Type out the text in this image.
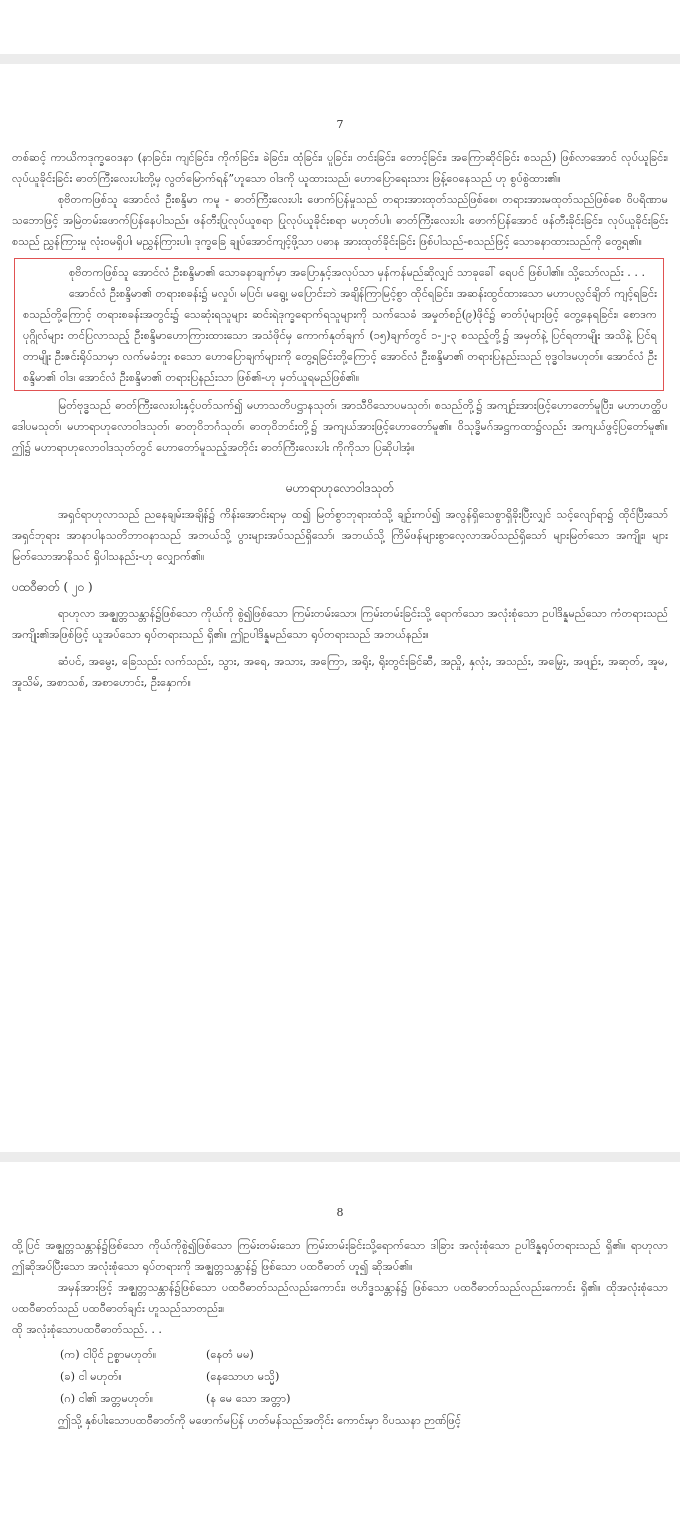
7

တစ်ဆင့် ကာယိကဒုက္ခဝေဒနာ (နာခြင်း၊ ကျင်ခြင်း၊ ကိုက်ခြင်း၊ ခဲခြင်း၊ ထုံခြင်း၊ ပူခြင်း၊ တင်းခြင်း၊ တောင့်ခြင်း၊ အကြောဆိုင်ခြင်း စသည်) ဖြစ်လာအောင် လုပ်ယူခြင်း၊ လုပ်ယူခိုင်းခြင်း ဓာတ်ကြီးလေးပါးတို့မှ လွတ်မြောက်ရန်”ဟူသော ဝါဒကို ယူထားသည်၊ ဟောပြောရေးသား ဖြန့်ဝေနေသည် ဟု စွပ်စွဲထား၏။

စုဗိတကဖြစ်သူ အောင်လံ ဦးစန္ဒိမာ ကမူ - ဓာတ်ကြီးလေးပါး ဖောက်ပြန်မှုသည် တရားအားထုတ်သည်ဖြစ်စေ၊ တရားအားမထုတ်သည်ဖြစ်စေ ဝိပရိဏာမသဘောဖြင့် အမြဲတမ်းဖောက်ပြန်နေပါသည်။ ဖန်တီးပြုလုပ်ယူစရာ ပြုလုပ်ယူခိုင်းစရာ မဟုတ်ပါ။ ဓာတ်ကြီးလေးပါး ဖောက်ပြန်အောင် ဖန်တီးခိုင်းခြင်း၊ လုပ်ယူခိုင်းခြင်း စသည် ညွှန်ကြားမှု လုံးဝမရှိပါ၊ မညွှန်ကြားပါ။ ဒုက္ခခြေ ချုပ်အောင်ကျင့်ဖို့သာ ပဓာန အားထုတ်ခိုင်းခြင်း ဖြစ်ပါသည်-စသည်ဖြင့် သောခနာထားသည်ကို တွေ့ရ၏။

စုဗိတကဖြစ်သူ အောင်လံ ဦးစန္ဒိမာ၏ သောခနာချက်မှာ အပြောနှင့်အလုပ်သာ မှန်ကန်မည်ဆိုလျှင် သာခုခေါ် ရေပင် ဖြစ်ပါ၏။ သို့သော်လည်း . . .

အောင်လံ ဦးစန္ဒိမာ၏ တရားစခန်း၌ မလှုပ်၊ မပြင်၊ မရွေ့၊ မပြောင်းဘဲ အချိန်ကြာမြင့်စွာ ထိုင်ရခြင်း၊ အဆန်းထွင်ထားသော မဟာပလ္လင်ချိတ် ကျင့်ရခြင်း စသည်တို့ကြောင့် တရားစခန်းအတွင်း၌ သေဆုံးရသူများ ဆင်းရဲဒုက္ခရောက်ရသူများကို သက်သေခံ အမှုတ်စဉ်(၉)ဖိုင်၌ ဓာတ်ပုံများဖြင့် တွေ့နေရခြင်း၊ စောဒက ပုဂ္ဂိုလ်များ တင်ပြလာသည့် ဦးစန္ဒိမာဟောကြားထားသော အသံဖိုင်မှ ကောက်နုတ်ချက် (၁၅)ချက်တွင် ၁-၂-၃ စသည့်တို့၌ အမှတ်နဲ့ ပြင်ရတာမျိုး အသိနဲ့ ပြင်ရတာမျိုး ဦးဇင်းရိုပ်သာမှာ လက်မခံဘူး စသော ဟောပြောချက်များကို တွေ့ရခြင်းတို့ကြောင့် အောင်လံ ဦးစန္ဒိမာ၏ တရားပြနည်းသည် ဗုဒ္ဓဝါဒမဟုတ်။ အောင်လံ ဦးစန္ဒိမာ၏ ဝါဒ၊ အောင်လံ ဦးစန္ဒိမာ၏ တရားပြနည်းသာ ဖြစ်၏-ဟု မှတ်ယူရမည်ဖြစ်၏။

မြတ်ဗုဒ္ဓသည် ဓာတ်ကြီးလေးပါးနှင့်ပတ်သက်၍ မဟာသတိပဋ္ဌာနသုတ်၊ အာသီဝိသောပမသုတ်၊ စသည်တို့၌ အကျဉ်းအားဖြင့်ဟောတော်မူပြီး၊ မဟာဟတ္ထိပဒေါပမသုတ်၊ မဟာရာဟုလောဝါဒသုတ်၊ ဓာတုဝိဘင်္ဂသုတ်၊ ဓာတုဝိဘင်းတို့၌ အကျယ်အားဖြင့်ဟောတော်မူ၏။ ဝိသုဒ္ဓိမဂ်အဋ္ဌကထာ၌လည်း အကျယ်ဖွင့်ပြတော်မူ၏။ ဤ၌ မဟာရာဟုလောဝါဒသုတ်တွင် ဟောတော်မူသည့်အတိုင်း ဓာတ်ကြီးလေးပါး ကိုကိုသာ ပြဆိုပါအံ့။

မဟာရာဟုလောဝါဒသုတ်

အရှင်ရာဟုလာသည် ညနေချမ်းအချိန်၌ ကိန်းအောင်းရာမှ ထ၍ မြတ်စွာဘုရားထံသို့ ချဉ်းကပ်၍ အလွန်ရှိသေစွာရှိခိုးပြီးလျှင် သင့်လျော်ရာ၌ ထိုင်ပြီးသော် အရှင်ဘုရား အာနာပါနသတိဘာဝနာသည် အဘယ်သို့ ပွားများအပ်သည်ရှိသော်၊ အဘယ်သို့ ကြိမ်ဖန်များစွာလေ့လာအပ်သည်ရှိသော် များမြတ်သော အကျိုး၊ များမြတ်သောအာနိသင် ရှိပါသနည်း-ဟု လျှောက်၏။

ပထဝီဓာတ် ( ၂၀ )

ရာဟုလာ အဇ္ဈတ္တသန္တာန်၌ဖြစ်သော ကိုယ်ကို စွဲ၍ဖြစ်သော ကြမ်းတမ်းသော၊ ကြမ်းတမ်းခြင်းသို့ ရောက်သော အလုံးစုံသော ဥပါဒိန္နမည်သော ကံတရားသည် အကျိုး၏အဖြစ်ဖြင့် ယူအပ်သော ရုပ်တရားသည် ရှိ၏။ ဤဥပါဒိန္နမည်သော ရုပ်တရားသည် အဘယ်နည်း။

ဆံပင်, အမွေး, ခြေသည်း လက်သည်း, သွား, အရေ, အသား, အကြော, အရိုး, ရိုးတွင်းခြင်ဆီ, အညှို, နှလုံး, အသည်း, အမြှေး, အဖျဉ်း, အဆုတ်, အူမ, အူသိမ်, အစာသစ်, အစာဟောင်း, ဦးနှောက်။

8

ထို့ပြင် အဇ္ဈတ္တသန္တာန်၌ဖြစ်သော ကိုယ်ကိုစွဲ၍ဖြစ်သော ကြမ်းတမ်းသော ကြမ်းတမ်းခြင်းသို့ရောက်သော ဒါခြား အလုံးစုံသော ဥပါဒိန္နရုပ်တရားသည် ရှိ၏။ ရာဟုလာ ဤဆိုအပ်ပြီးသော အလုံးစုံသော ရုပ်တရားကို အဇ္ဈတ္တသန္တာန်၌ ဖြစ်သော ပထဝီဓာတ် ဟူ၍ ဆိုအပ်၏။

အမှန်အားဖြင့် အဇ္ဈတ္တသန္တာန်၌ဖြစ်သော ပထဝီဓာတ်သည်လည်းကောင်း၊ ဗဟိဒ္ဓသန္တာန်၌ ဖြစ်သော ပထဝီဓာတ်သည်လည်းကောင်း ရှိ၏။ ထိုအလုံးစုံသော ပထဝီဓာတ်သည် ပထဝီဓာတ်ချင်း ဟူသည်သာတည်း။

ထို အလုံးစုံသောပထဝီဓာတ်သည်. . .

(က) ငါပိုင် ဥစ္စာမဟုတ်။	(နေတံ မမ)
(ခ) ငါ မဟုတ်။	(နေသောဟ မသ္မိ)
(ဂ) ငါ၏ အတ္တမဟုတ်။	(န မေ သော အတ္တာ)

ဤသို့ နှစ်ပါးသောပထဝီဓာတ်ကို မဖောက်မပြန် ဟတ်မန်သည်အတိုင်း ကောင်းမှာ ဝိပဿနာ ဉာဏ်ဖြင့်
